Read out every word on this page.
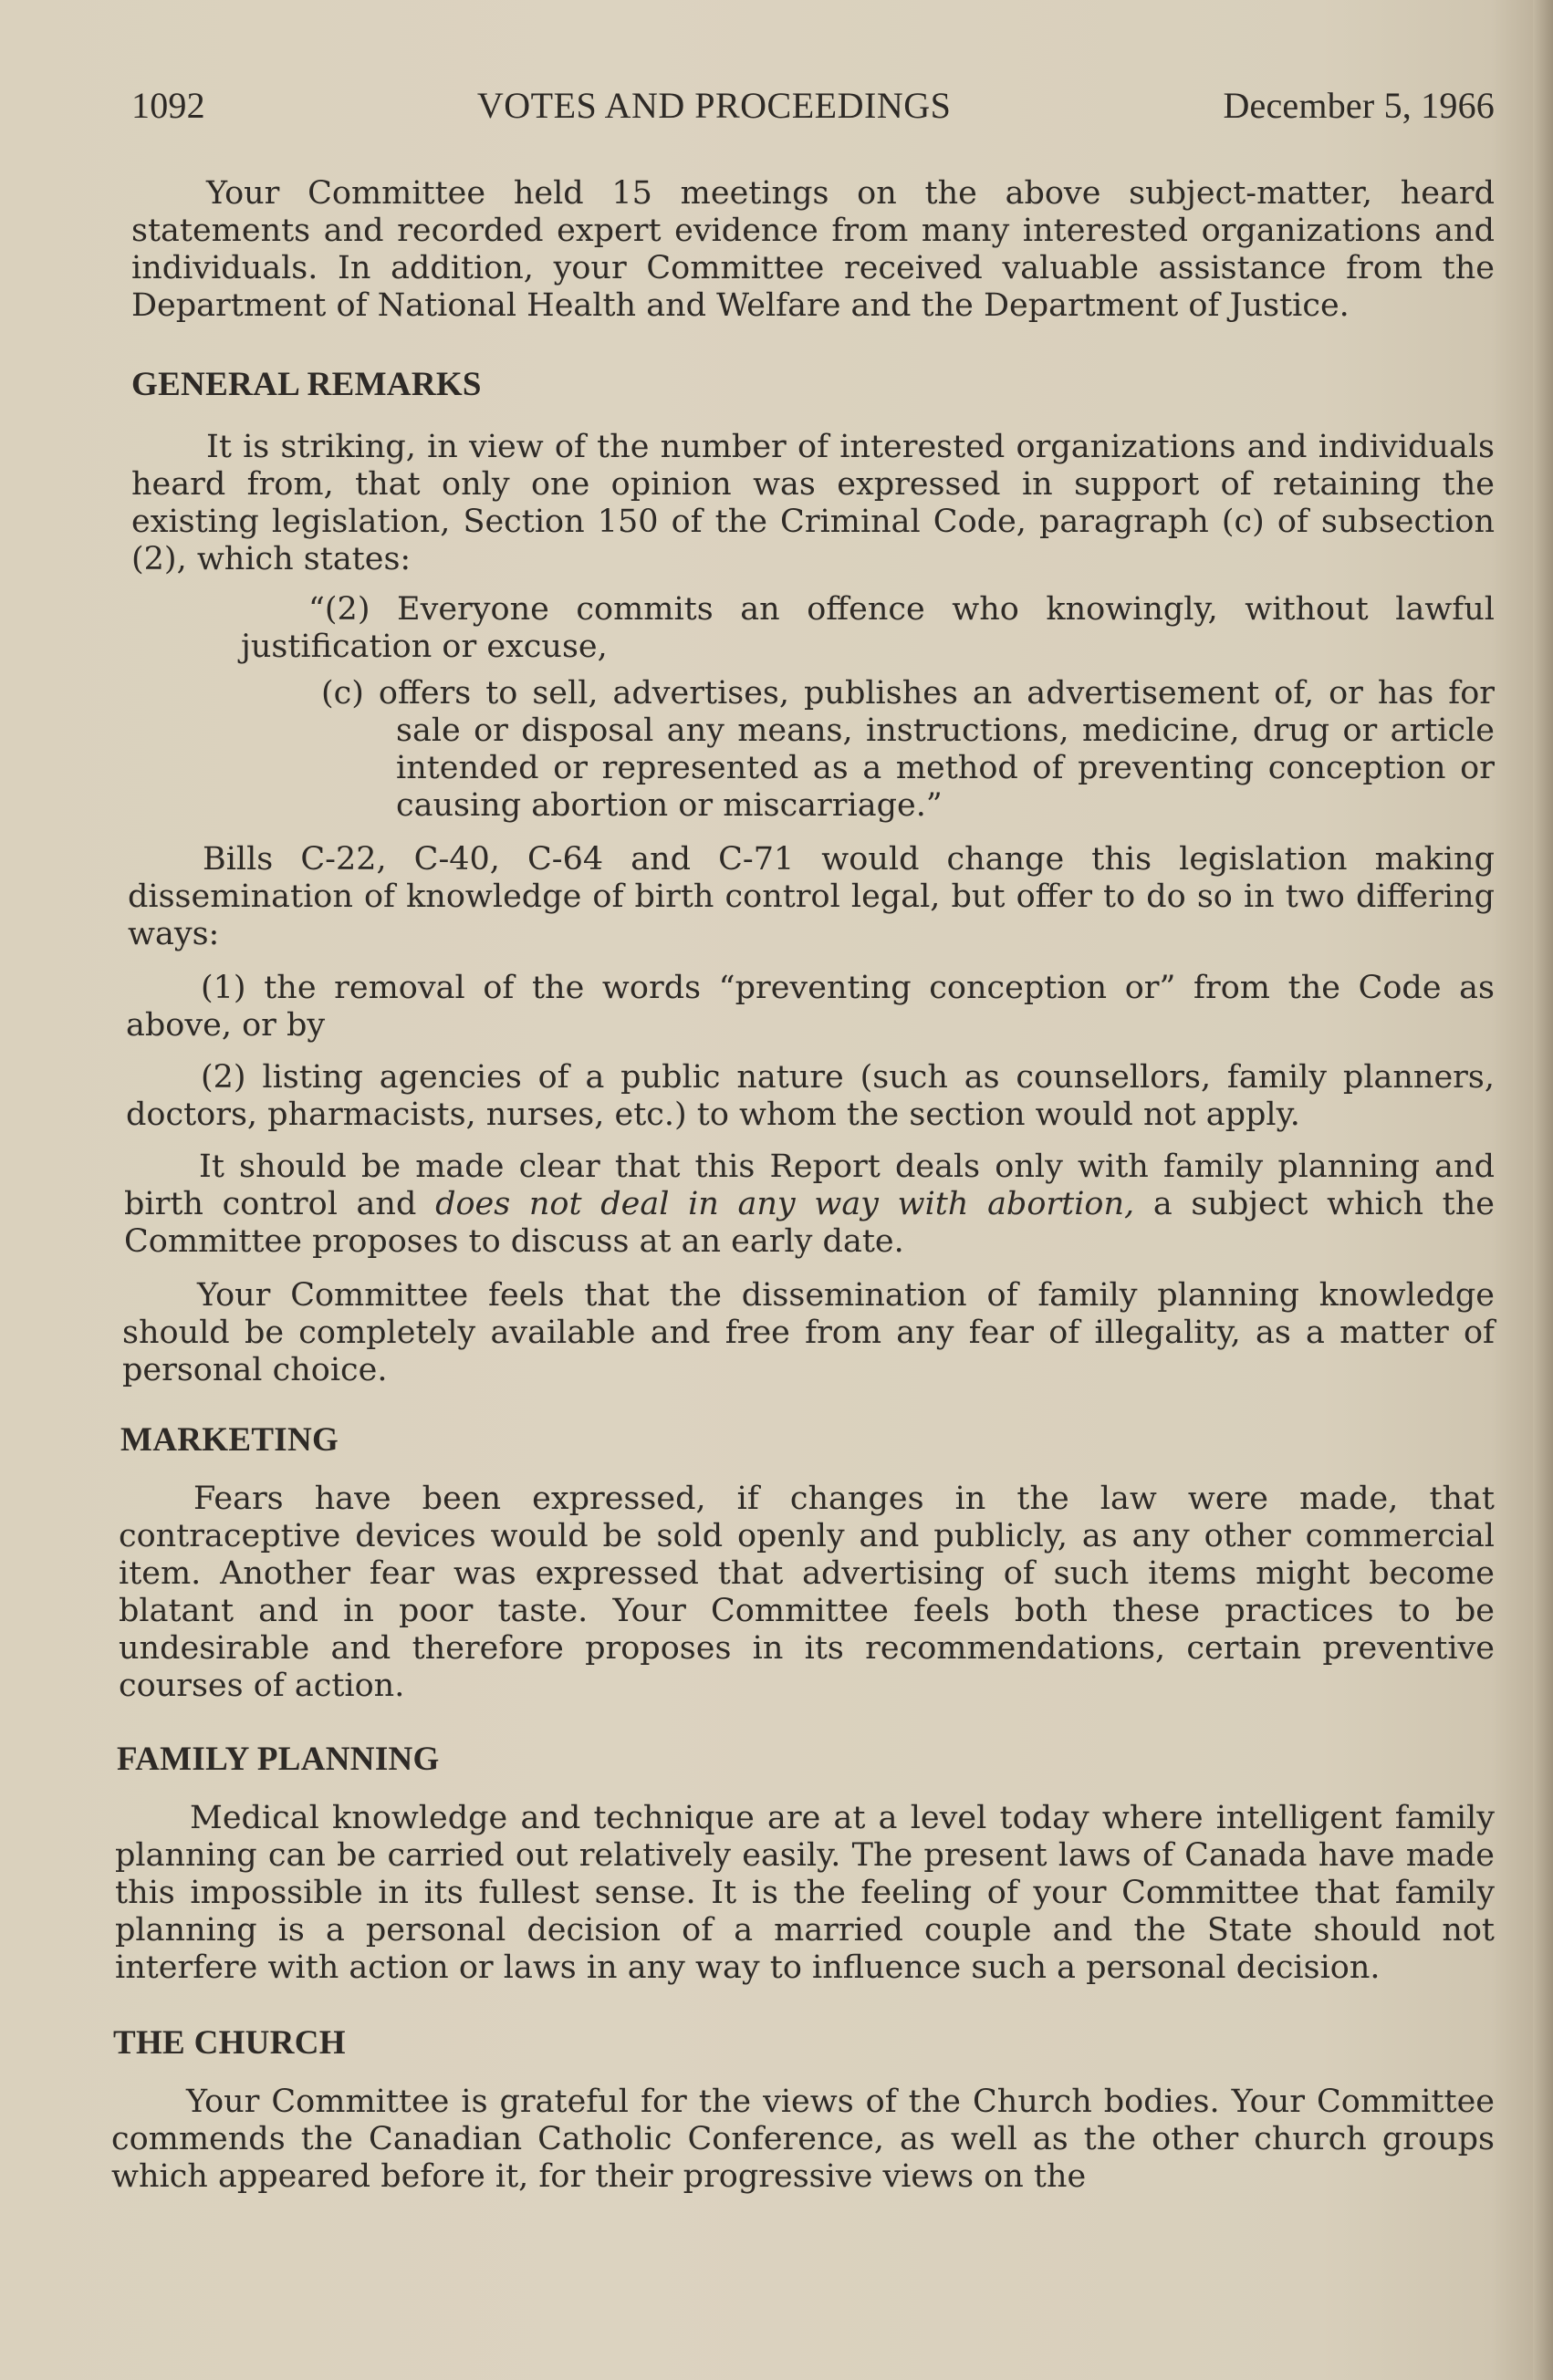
1092	VOTES AND PROCEEDINGS	December 5, 1966

Your Committee held 15 meetings on the above subject-matter, heard statements and recorded expert evidence from many interested organizations and individuals. In addition, your Committee received valuable assistance from the Department of National Health and Welfare and the Department of Justice.

GENERAL REMARKS

It is striking, in view of the number of interested organizations and individuals heard from, that only one opinion was expressed in support of retaining the existing legislation, Section 150 of the Criminal Code, paragraph (c) of subsection (2), which states:

“(2) Everyone commits an offence who knowingly, without lawful justification or excuse,

(c) offers to sell, advertises, publishes an advertisement of, or has for sale or disposal any means, instructions, medicine, drug or article intended or represented as a method of preventing conception or causing abortion or miscarriage.”

Bills C-22, C-40, C-64 and C-71 would change this legislation making dissemination of knowledge of birth control legal, but offer to do so in two differing ways:

(1) the removal of the words “preventing conception or” from the Code as above, or by

(2) listing agencies of a public nature (such as counsellors, family planners, doctors, pharmacists, nurses, etc.) to whom the section would not apply.

It should be made clear that this Report deals only with family planning and birth control and does not deal in any way with abortion, a subject which the Committee proposes to discuss at an early date.

Your Committee feels that the dissemination of family planning knowledge should be completely available and free from any fear of illegality, as a matter of personal choice.

MARKETING

Fears have been expressed, if changes in the law were made, that contraceptive devices would be sold openly and publicly, as any other commercial item. Another fear was expressed that advertising of such items might become blatant and in poor taste. Your Committee feels both these practices to be undesirable and therefore proposes in its recommendations, certain preventive courses of action.

FAMILY PLANNING

Medical knowledge and technique are at a level today where intelligent family planning can be carried out relatively easily. The present laws of Canada have made this impossible in its fullest sense. It is the feeling of your Committee that family planning is a personal decision of a married couple and the State should not interfere with action or laws in any way to influence such a personal decision.

THE CHURCH

Your Committee is grateful for the views of the Church bodies. Your Committee commends the Canadian Catholic Conference, as well as the other church groups which appeared before it, for their progressive views on the
